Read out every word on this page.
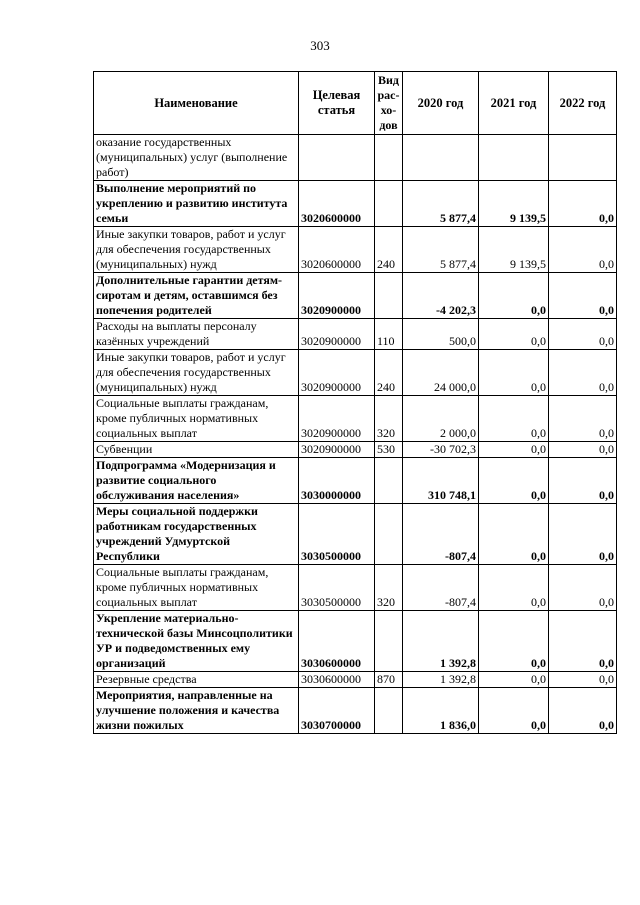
303
Наименование	Целевая статья	Вид рас-хо-дов	2020 год	2021 год	2022 год
оказание государственных (муниципальных) услуг (выполнение работ)					
Выполнение мероприятий по укреплению и развитию института семьи	3020600000		5 877,4	9 139,5	0,0
Иные закупки товаров, работ и услуг для обеспечения государственных (муниципальных) нужд	3020600000	240	5 877,4	9 139,5	0,0
Дополнительные гарантии детям-сиротам и детям, оставшимся без попечения родителей	3020900000		-4 202,3	0,0	0,0
Расходы на выплаты персоналу казённых учреждений	3020900000	110	500,0	0,0	0,0
Иные закупки товаров, работ и услуг для обеспечения государственных (муниципальных) нужд	3020900000	240	24 000,0	0,0	0,0
Социальные выплаты гражданам, кроме публичных нормативных социальных выплат	3020900000	320	2 000,0	0,0	0,0
Субвенции	3020900000	530	-30 702,3	0,0	0,0
Подпрограмма «Модернизация и развитие социального обслуживания населения»	3030000000		310 748,1	0,0	0,0
Меры социальной поддержки работникам государственных учреждений Удмуртской Республики	3030500000		-807,4	0,0	0,0
Социальные выплаты гражданам, кроме публичных нормативных социальных выплат	3030500000	320	-807,4	0,0	0,0
Укрепление материально-технической базы Минсоцполитики УР и подведомственных ему организаций	3030600000		1 392,8	0,0	0,0
Резервные средства	3030600000	870	1 392,8	0,0	0,0
Мероприятия, направленные на улучшение положения и качества жизни пожилых	3030700000		1 836,0	0,0	0,0
